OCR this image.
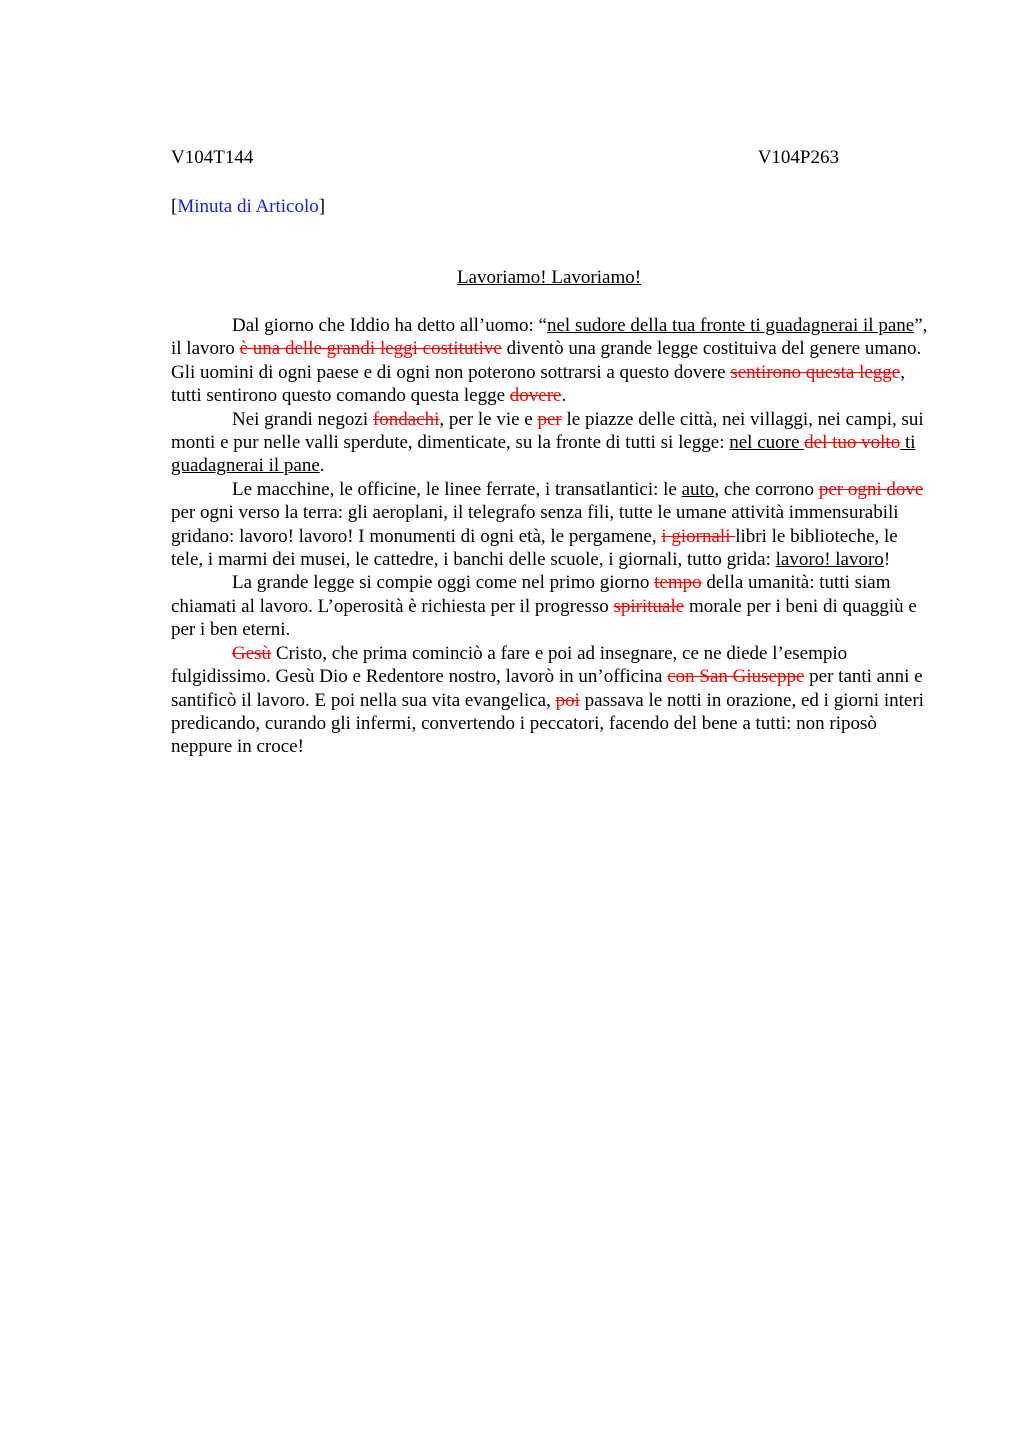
V104T144	V104P263
[Minuta di Articolo]
Lavoriamo! Lavoriamo!

Dal giorno che Iddio ha detto all’uomo: “nel sudore della tua fronte ti guadagnerai il pane”, il lavoro è una delle grandi leggi costitutive diventò una grande legge costituiva del genere umano. Gli uomini di ogni paese e di ogni non poterono sottrarsi a questo dovere sentirono questa legge, tutti sentirono questo comando questa legge dovere.

Nei grandi negozi fondachi, per le vie e per le piazze delle città, nei villaggi, nei campi, sui monti e pur nelle valli sperdute, dimenticate, su la fronte di tutti si legge: nel cuore del tuo volto ti guadagnerai il pane.

Le macchine, le officine, le linee ferrate, i transatlantici: le auto, che corrono per ogni dove per ogni verso la terra: gli aeroplani, il telegrafo senza fili, tutte le umane attività immensurabili gridano: lavoro! lavoro! I monumenti di ogni età, le pergamene, i giornali libri le biblioteche, le tele, i marmi dei musei, le cattedre, i banchi delle scuole, i giornali, tutto grida: lavoro! lavoro!

La grande legge si compie oggi come nel primo giorno tempo della umanità: tutti siam chiamati al lavoro. L’operosità è richiesta per il progresso spirituale morale per i beni di quaggiù e per i ben eterni.

Gesù Cristo, che prima cominciò a fare e poi ad insegnare, ce ne diede l’esempio fulgidissimo. Gesù Dio e Redentore nostro, lavorò in un’officina con San Giuseppe per tanti anni e santificò il lavoro. E poi nella sua vita evangelica, poi passava le notti in orazione, ed i giorni interi predicando, curando gli infermi, convertendo i peccatori, facendo del bene a tutti: non riposò neppure in croce!
